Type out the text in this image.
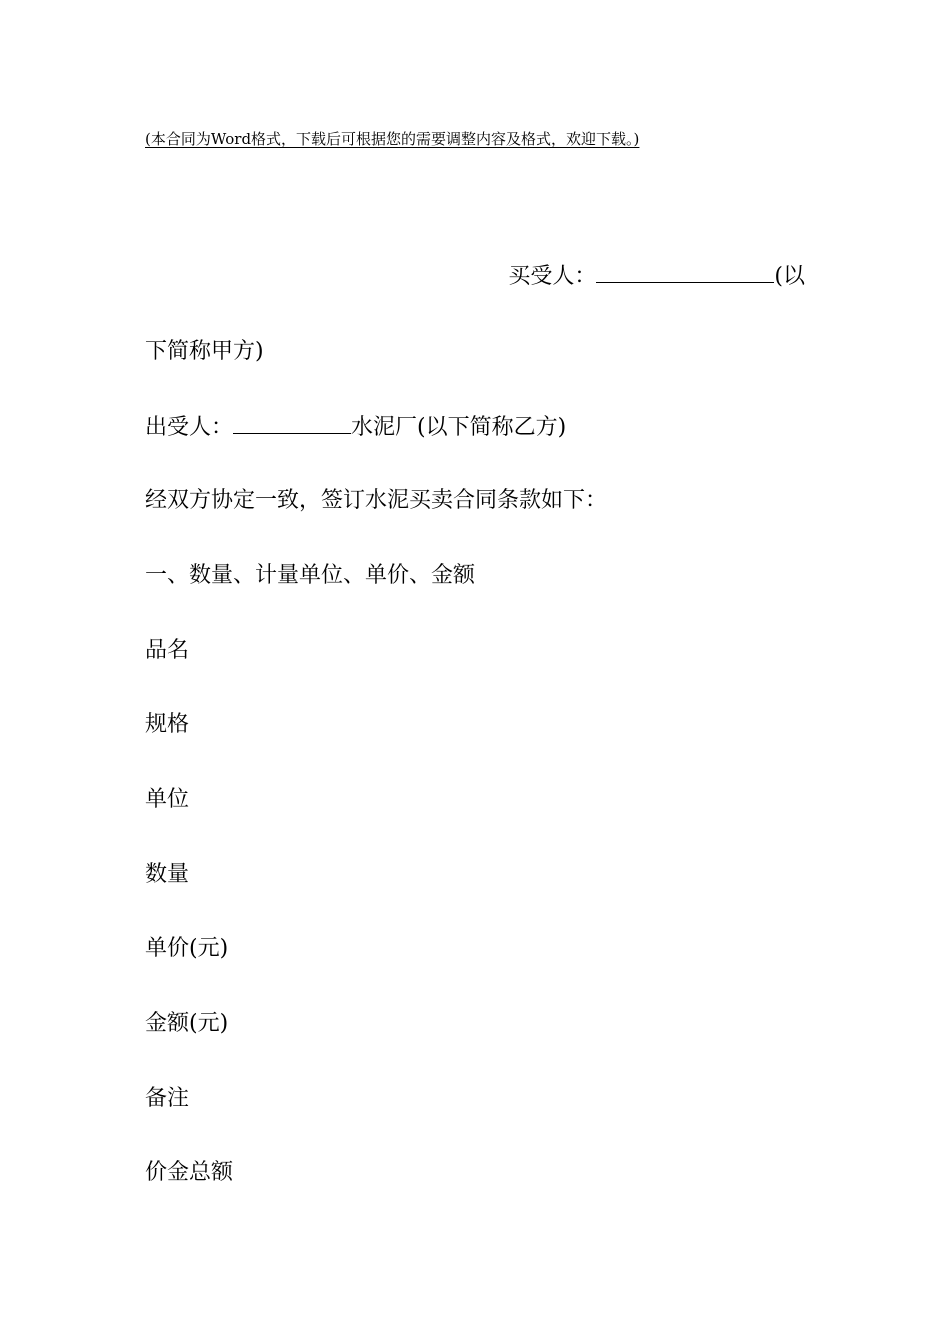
(本合同为Word格式，下载后可根据您的需要调整内容及格式，欢迎下载。)
买受人：	(以
下简称甲方)
出受人：	水泥厂(以下简称乙方)
经双方协定一致，签订水泥买卖合同条款如下：
一、数量、计量单位、单价、金额
品名
规格
单位
数量
单价(元)
金额(元)
备注
价金总额
